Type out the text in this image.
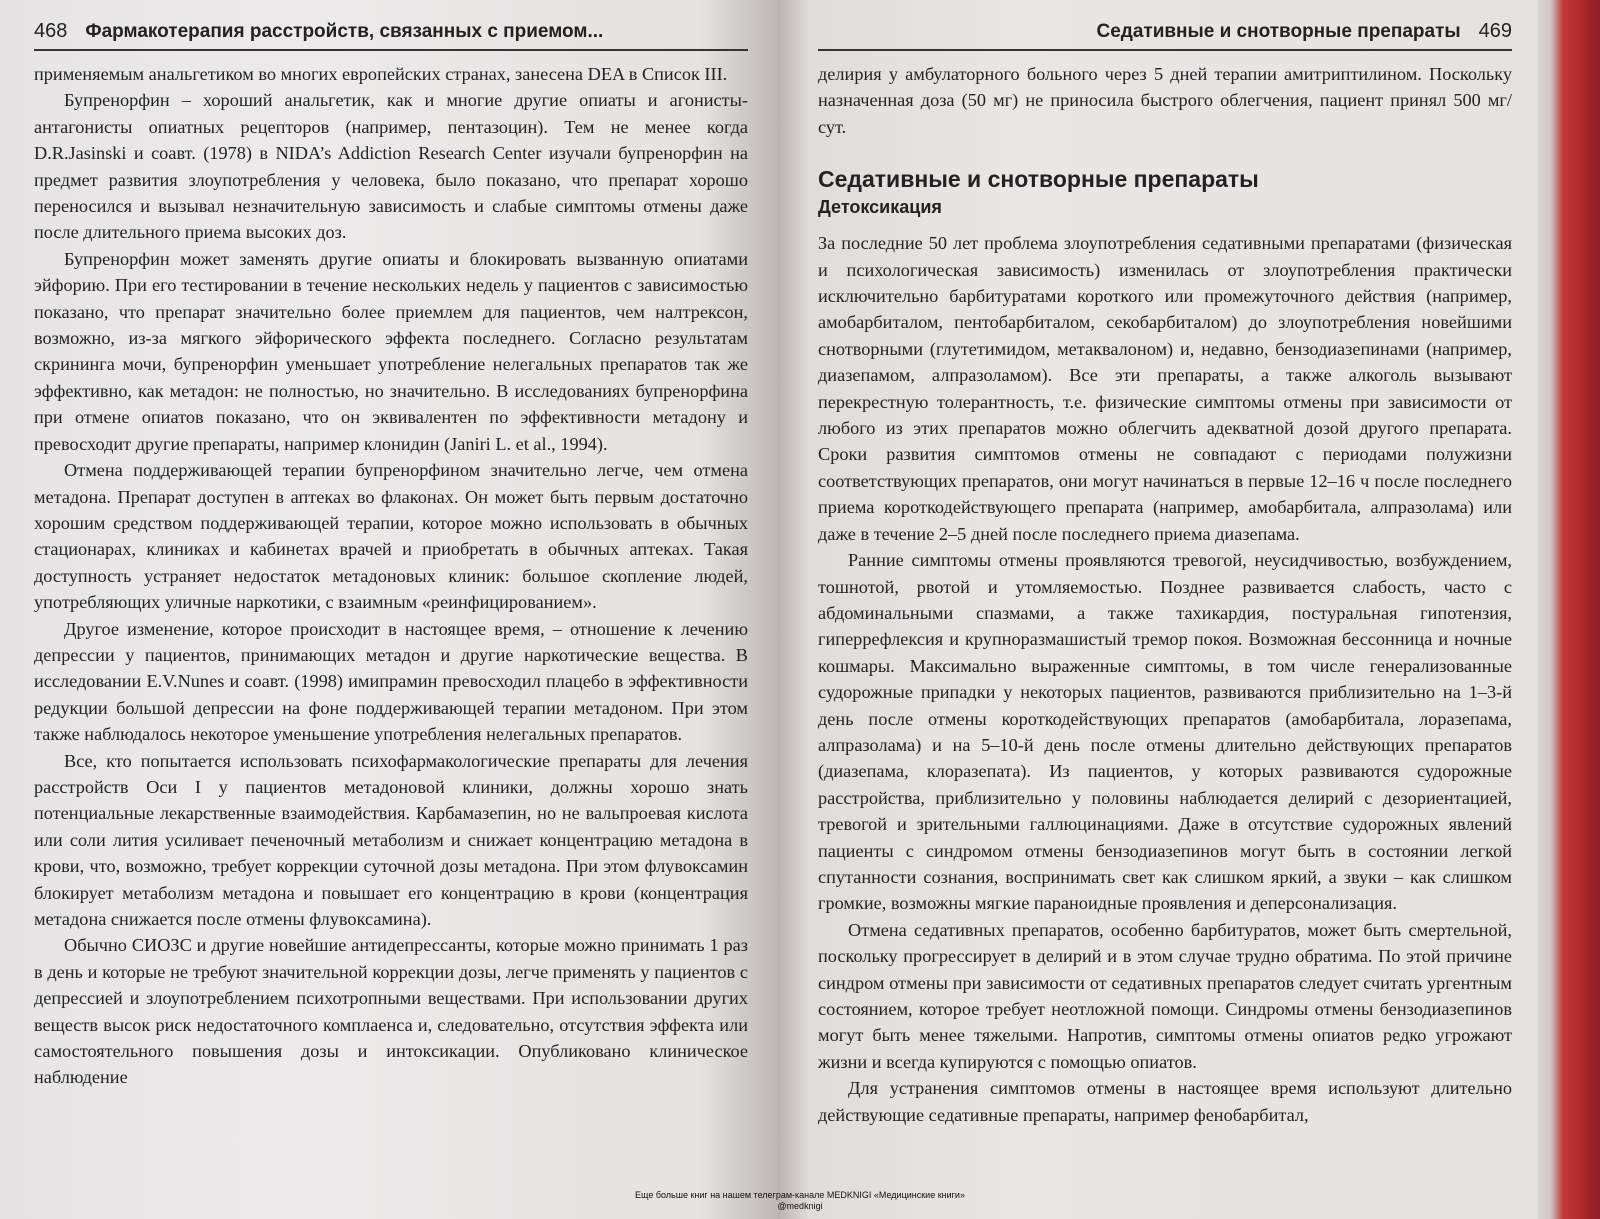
468 Фармакотерапия расстройств, связанных с приемом...

применяемым анальгетиком во многих европейских странах, занесена DEA в Список III.

Бупренорфин – хороший анальгетик, как и многие другие опиаты и агонисты-антагонисты опиатных рецепторов (например, пентазоцин). Тем не менее когда D.R.Jasinski и соавт. (1978) в NIDA’s Addiction Research Center изучали бупренорфин на предмет развития злоупотребления у человека, было показано, что препарат хорошо переносился и вызывал незначительную зависимость и слабые симптомы отмены даже после длительного приема высоких доз.

Бупренорфин может заменять другие опиаты и блокировать вызванную опиатами эйфорию. При его тестировании в течение нескольких недель у пациентов с зависимостью показано, что препарат значительно более приемлем для пациентов, чем налтрексон, возможно, из-за мягкого эйфорического эффекта последнего. Согласно результатам скрининга мочи, бупренорфин уменьшает употребление нелегальных препаратов так же эффективно, как метадон: не полностью, но значительно. В исследованиях бупренорфина при отмене опиатов показано, что он эквивалентен по эффективности метадону и превосходит другие препараты, например клонидин (Janiri L. et al., 1994).

Отмена поддерживающей терапии бупренорфином значительно легче, чем отмена метадона. Препарат доступен в аптеках во флаконах. Он может быть первым достаточно хорошим средством поддерживающей терапии, которое можно использовать в обычных стационарах, клиниках и кабинетах врачей и приобретать в обычных аптеках. Такая доступность устраняет недостаток метадоновых клиник: большое скопление людей, употребляющих уличные наркотики, с взаимным «реинфицированием».

Другое изменение, которое происходит в настоящее время, – отношение к лечению депрессии у пациентов, принимающих метадон и другие наркотические вещества. В исследовании E.V.Nunes и соавт. (1998) имипрамин превосходил плацебо в эффективности редукции большой депрессии на фоне поддерживающей терапии метадоном. При этом также наблюдалось некоторое уменьшение употребления нелегальных препаратов.

Все, кто попытается использовать психофармакологические препараты для лечения расстройств Оси I у пациентов метадоновой клиники, должны хорошо знать потенциальные лекарственные взаимодействия. Карбамазепин, но не вальпроевая кислота или соли лития усиливает печеночный метаболизм и снижает концентрацию метадона в крови, что, возможно, требует коррекции суточной дозы метадона. При этом флувоксамин блокирует метаболизм метадона и повышает его концентрацию в крови (концентрация метадона снижается после отмены флувоксамина).

Обычно СИОЗС и другие новейшие антидепрессанты, которые можно принимать 1 раз в день и которые не требуют значительной коррекции дозы, легче применять у пациентов с депрессией и злоупотреблением психотропными веществами. При использовании других веществ высок риск недостаточного комплаенса и, следовательно, отсутствия эффекта или самостоятельного повышения дозы и интоксикации. Опубликовано клиническое наблюдение

Седативные и снотворные препараты 469

делирия у амбулаторного больного через 5 дней терапии амитриптилином. Поскольку назначенная доза (50 мг) не приносила быстрого облегчения, пациент принял 500 мг/сут.

Седативные и снотворные препараты
Детоксикация

За последние 50 лет проблема злоупотребления седативными препаратами (физическая и психологическая зависимость) изменилась от злоупотребления практически исключительно барбитуратами короткого или промежуточного действия (например, амобарбиталом, пентобарбиталом, секобарбиталом) до злоупотребления новейшими снотворными (глутетимидом, метаквалоном) и, недавно, бензодиазепинами (например, диазепамом, алпразоламом). Все эти препараты, а также алкоголь вызывают перекрестную толерантность, т.е. физические симптомы отмены при зависимости от любого из этих препаратов можно облегчить адекватной дозой другого препарата. Сроки развития симптомов отмены не совпадают с периодами полужизни соответствующих препаратов, они могут начинаться в первые 12–16 ч после последнего приема короткодействующего препарата (например, амобарбитала, алпразолама) или даже в течение 2–5 дней после последнего приема диазепама.

Ранние симптомы отмены проявляются тревогой, неусидчивостью, возбуждением, тошнотой, рвотой и утомляемостью. Позднее развивается слабость, часто с абдоминальными спазмами, а также тахикардия, постуральная гипотензия, гиперрефлексия и крупноразмашистый тремор покоя. Возможная бессонница и ночные кошмары. Максимально выраженные симптомы, в том числе генерализованные судорожные припадки у некоторых пациентов, развиваются приблизительно на 1–3-й день после отмены короткодействующих препаратов (амобарбитала, лоразепама, алпразолама) и на 5–10-й день после отмены длительно действующих препаратов (диазепама, клоразепата). Из пациентов, у которых развиваются судорожные расстройства, приблизительно у половины наблюдается делирий с дезориентацией, тревогой и зрительными галлюцинациями. Даже в отсутствие судорожных явлений пациенты с синдромом отмены бензодиазепинов могут быть в состоянии легкой спутанности сознания, воспринимать свет как слишком яркий, а звуки – как слишком громкие, возможны мягкие параноидные проявления и деперсонализация.

Отмена седативных препаратов, особенно барбитуратов, может быть смертельной, поскольку прогрессирует в делирий и в этом случае трудно обратима. По этой причине синдром отмены при зависимости от седативных препаратов следует считать ургентным состоянием, которое требует неотложной помощи. Синдромы отмены бензодиазепинов могут быть менее тяжелыми. Напротив, симптомы отмены опиатов редко угрожают жизни и всегда купируются с помощью опиатов.

Для устранения симптомов отмены в настоящее время используют длительно действующие седативные препараты, например фенобарбитал,

Еще больше книг на нашем телеграм-канале MEDKNIGI «Медицинские книги»
@medknigi
